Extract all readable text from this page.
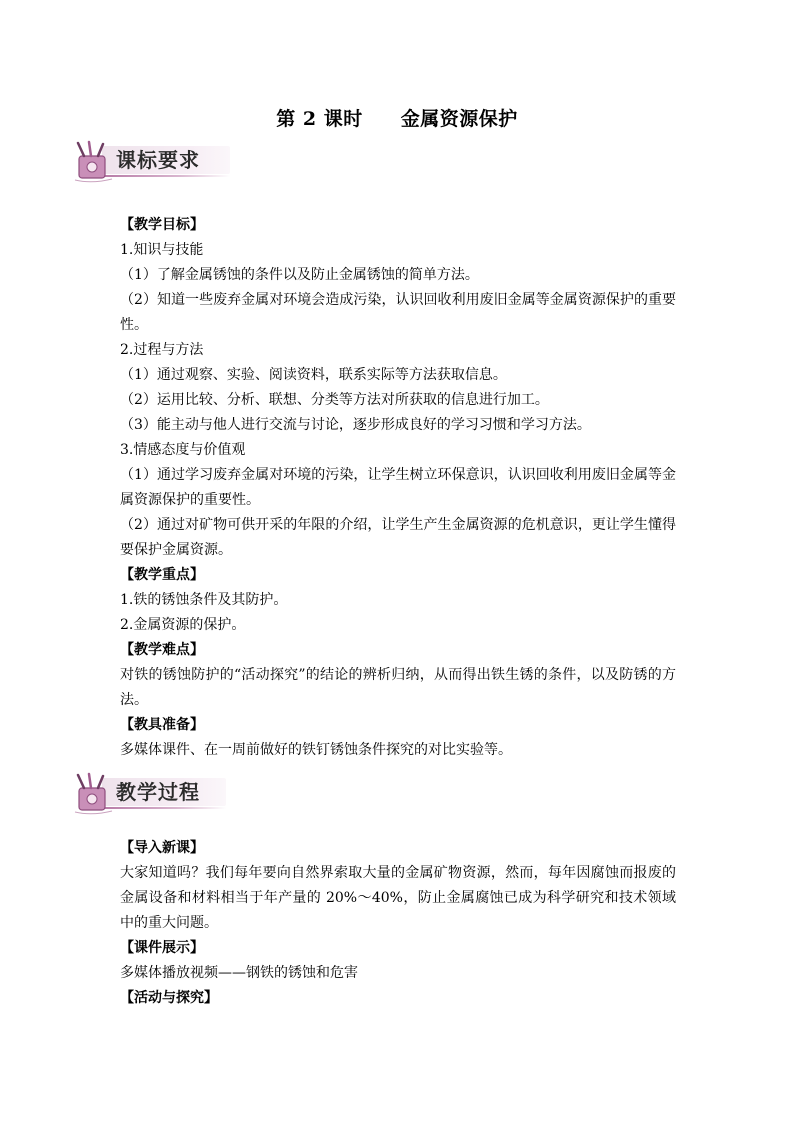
第 2 课时 金属资源保护
课标要求

【教学目标】

1.知识与技能

（1）了解金属锈蚀的条件以及防止金属锈蚀的简单方法。

（2）知道一些废弃金属对环境会造成污染，认识回收利用废旧金属等金属资源保护的重要性。

2.过程与方法

（1）通过观察、实验、阅读资料，联系实际等方法获取信息。

（2）运用比较、分析、联想、分类等方法对所获取的信息进行加工。

（3）能主动与他人进行交流与讨论，逐步形成良好的学习习惯和学习方法。

3.情感态度与价值观

（1）通过学习废弃金属对环境的污染，让学生树立环保意识，认识回收利用废旧金属等金属资源保护的重要性。

（2）通过对矿物可供开采的年限的介绍，让学生产生金属资源的危机意识，更让学生懂得要保护金属资源。

【教学重点】

1.铁的锈蚀条件及其防护。

2.金属资源的保护。

【教学难点】

对铁的锈蚀防护的“活动探究”的结论的辨析归纳，从而得出铁生锈的条件，以及防锈的方法。

【教具准备】

多媒体课件、在一周前做好的铁钉锈蚀条件探究的对比实验等。

教学过程

【导入新课】

大家知道吗？我们每年要向自然界索取大量的金属矿物资源，然而，每年因腐蚀而报废的金属设备和材料相当于年产量的 20%～40%，防止金属腐蚀已成为科学研究和技术领域中的重大问题。

【课件展示】

多媒体播放视频——钢铁的锈蚀和危害

【活动与探究】
